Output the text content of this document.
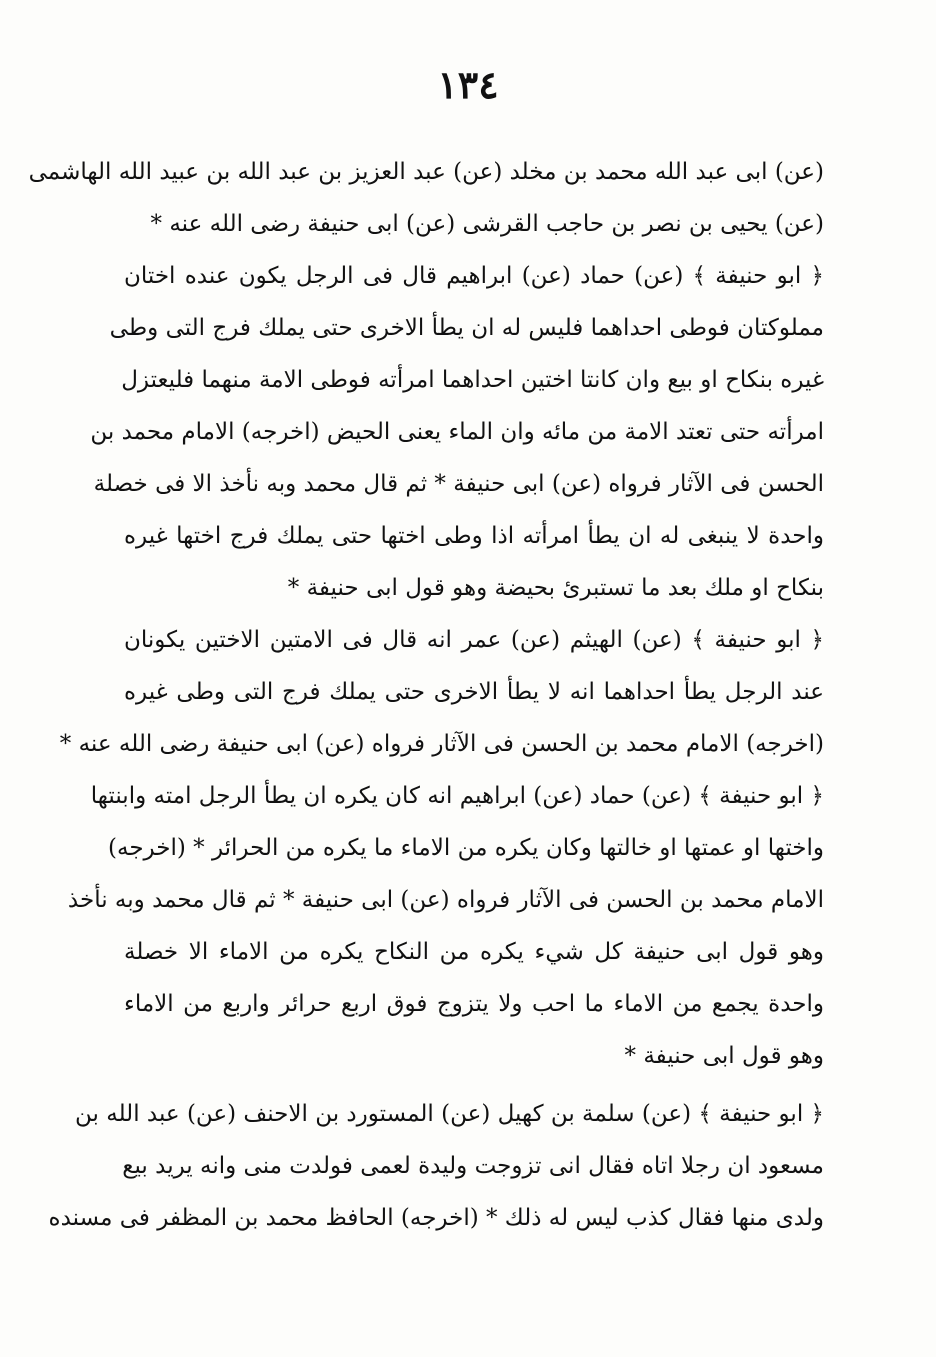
١٣٤
(عن) ابى عبد الله محمد بن مخلد (عن) عبد العزيز بن عبد الله بن عبيد الله الهاشمى
(عن) يحيى بن نصر بن حاجب القرشى (عن) ابى حنيفة رضى الله عنه *
﴿ ابو حنيفة ﴾ (عن) حماد (عن) ابراهيم قال فى الرجل يكون عنده اختان
مملوكتان فوطى احداهما فليس له ان يطأ الاخرى حتى يملك فرج التى وطى
غيره بنكاح او بيع وان كانتا اختين احداهما امرأته فوطى الامة منهما فليعتزل
امرأته حتى تعتد الامة من مائه وان الماء يعنى الحيض (اخرجه) الامام محمد بن
الحسن فى الآثار فرواه (عن) ابى حنيفة * ثم قال محمد وبه نأخذ الا فى خصلة
واحدة لا ينبغى له ان يطأ امرأته اذا وطى اختها حتى يملك فرج اختها غيره
بنكاح او ملك بعد ما تستبرئ بحيضة وهو قول ابى حنيفة *
﴿ ابو حنيفة ﴾ (عن) الهيثم (عن) عمر انه قال فى الامتين الاختين يكونان
عند الرجل يطأ احداهما انه لا يطأ الاخرى حتى يملك فرج التى وطى غيره
(اخرجه) الامام محمد بن الحسن فى الآثار فرواه (عن) ابى حنيفة رضى الله عنه *
﴿ ابو حنيفة ﴾ (عن) حماد (عن) ابراهيم انه كان يكره ان يطأ الرجل امته وابنتها
واختها او عمتها او خالتها وكان يكره من الاماء ما يكره من الحرائر * (اخرجه)
الامام محمد بن الحسن فى الآثار فرواه (عن) ابى حنيفة * ثم قال محمد وبه نأخذ
وهو قول ابى حنيفة كل شيء يكره من النكاح يكره من الاماء الا خصلة
واحدة يجمع من الاماء ما احب ولا يتزوج فوق اربع حرائر واربع من الاماء
وهو قول ابى حنيفة *
﴿ ابو حنيفة ﴾ (عن) سلمة بن كهيل (عن) المستورد بن الاحنف (عن) عبد الله بن
مسعود ان رجلا اتاه فقال انى تزوجت وليدة لعمى فولدت منى وانه يريد بيع
ولدى منها فقال كذب ليس له ذلك * (اخرجه) الحافظ محمد بن المظفر فى مسنده
